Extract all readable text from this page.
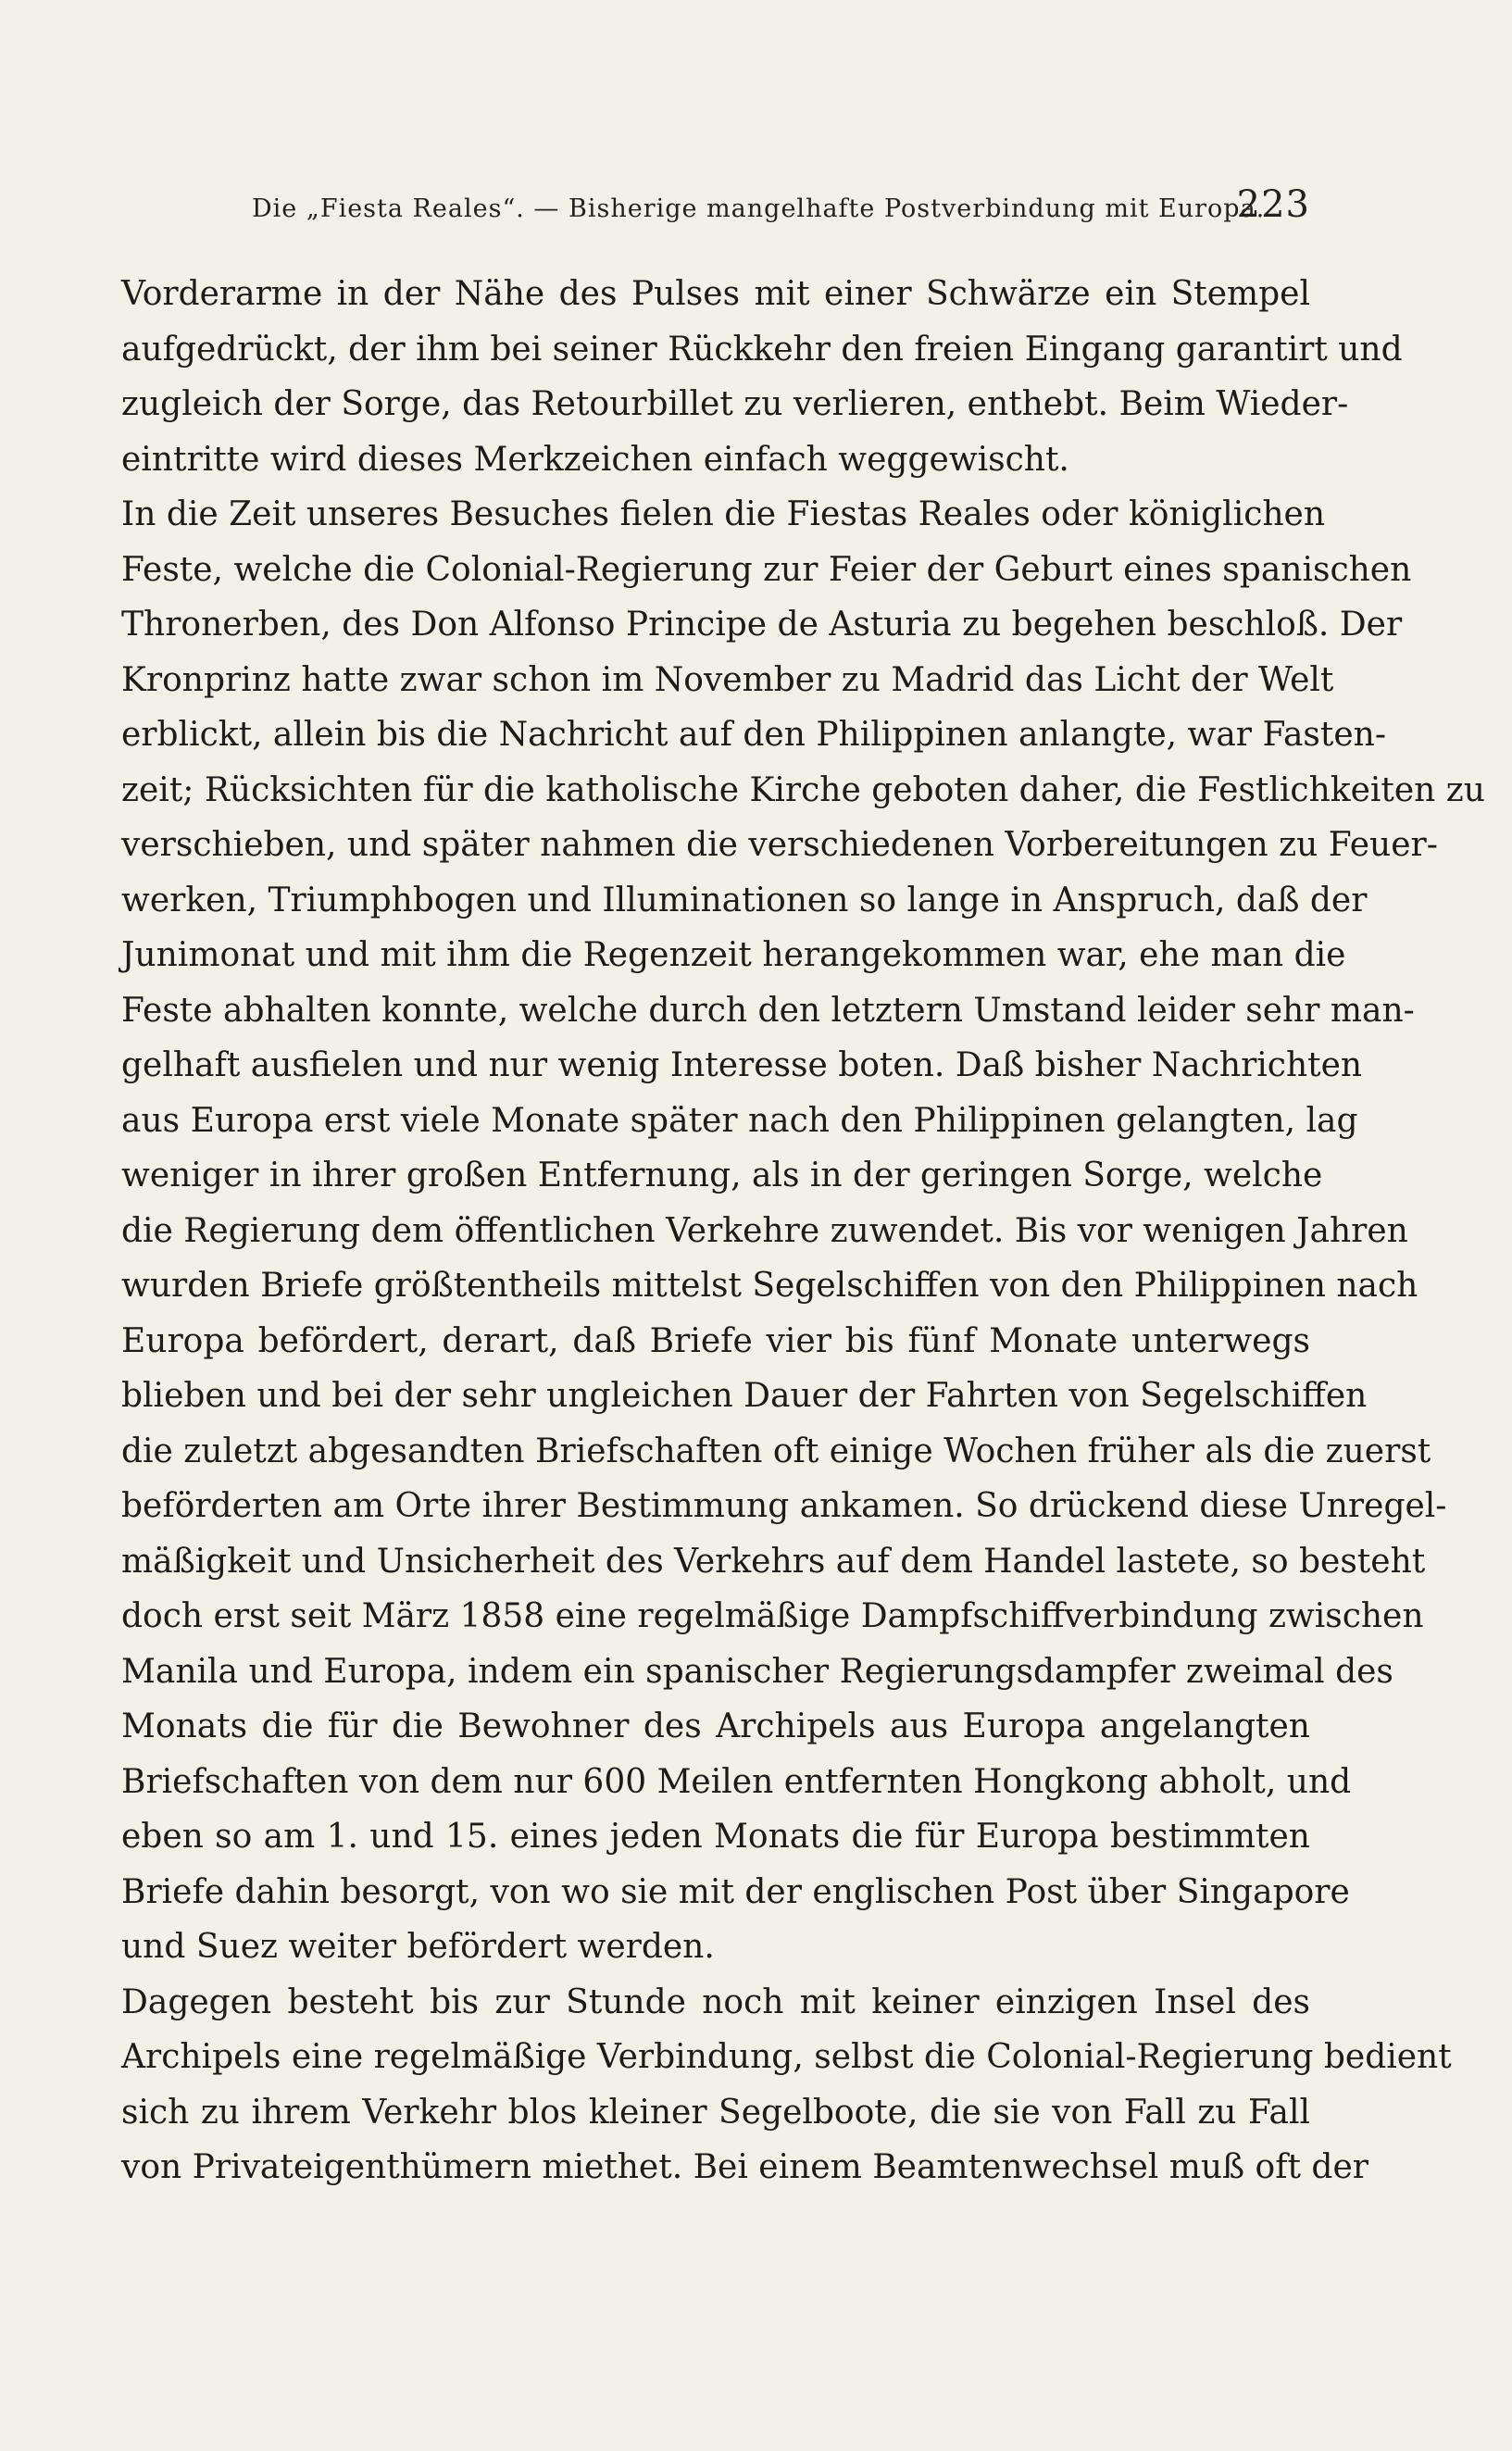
Die „Fiesta Reales“. — Bisherige mangelhafte Postverbindung mit Europa.
223
Vorderarme in der Nähe des Pulses mit einer Schwärze ein Stempel
aufgedrückt, der ihm bei seiner Rückkehr den freien Eingang garantirt und
zugleich der Sorge, das Retourbillet zu verlieren, enthebt. Beim Wieder-
eintritte wird dieses Merkzeichen einfach weggewischt.
In die Zeit unseres Besuches fielen die Fiestas Reales oder königlichen
Feste, welche die Colonial-Regierung zur Feier der Geburt eines spanischen
Thronerben, des Don Alfonso Principe de Asturia zu begehen beschloß. Der
Kronprinz hatte zwar schon im November zu Madrid das Licht der Welt
erblickt, allein bis die Nachricht auf den Philippinen anlangte, war Fasten-
zeit; Rücksichten für die katholische Kirche geboten daher, die Festlichkeiten zu
verschieben, und später nahmen die verschiedenen Vorbereitungen zu Feuer-
werken, Triumphbogen und Illuminationen so lange in Anspruch, daß der
Junimonat und mit ihm die Regenzeit herangekommen war, ehe man die
Feste abhalten konnte, welche durch den letztern Umstand leider sehr man-
gelhaft ausfielen und nur wenig Interesse boten. Daß bisher Nachrichten
aus Europa erst viele Monate später nach den Philippinen gelangten, lag
weniger in ihrer großen Entfernung, als in der geringen Sorge, welche
die Regierung dem öffentlichen Verkehre zuwendet. Bis vor wenigen Jahren
wurden Briefe größtentheils mittelst Segelschiffen von den Philippinen nach
Europa befördert, derart, daß Briefe vier bis fünf Monate unterwegs
blieben und bei der sehr ungleichen Dauer der Fahrten von Segelschiffen
die zuletzt abgesandten Briefschaften oft einige Wochen früher als die zuerst
beförderten am Orte ihrer Bestimmung ankamen. So drückend diese Unregel-
mäßigkeit und Unsicherheit des Verkehrs auf dem Handel lastete, so besteht
doch erst seit März 1858 eine regelmäßige Dampfschiffverbindung zwischen
Manila und Europa, indem ein spanischer Regierungsdampfer zweimal des
Monats die für die Bewohner des Archipels aus Europa angelangten
Briefschaften von dem nur 600 Meilen entfernten Hongkong abholt, und
eben so am 1. und 15. eines jeden Monats die für Europa bestimmten
Briefe dahin besorgt, von wo sie mit der englischen Post über Singapore
und Suez weiter befördert werden.
Dagegen besteht bis zur Stunde noch mit keiner einzigen Insel des
Archipels eine regelmäßige Verbindung, selbst die Colonial-Regierung bedient
sich zu ihrem Verkehr blos kleiner Segelboote, die sie von Fall zu Fall
von Privateigenthümern miethet. Bei einem Beamtenwechsel muß oft der
